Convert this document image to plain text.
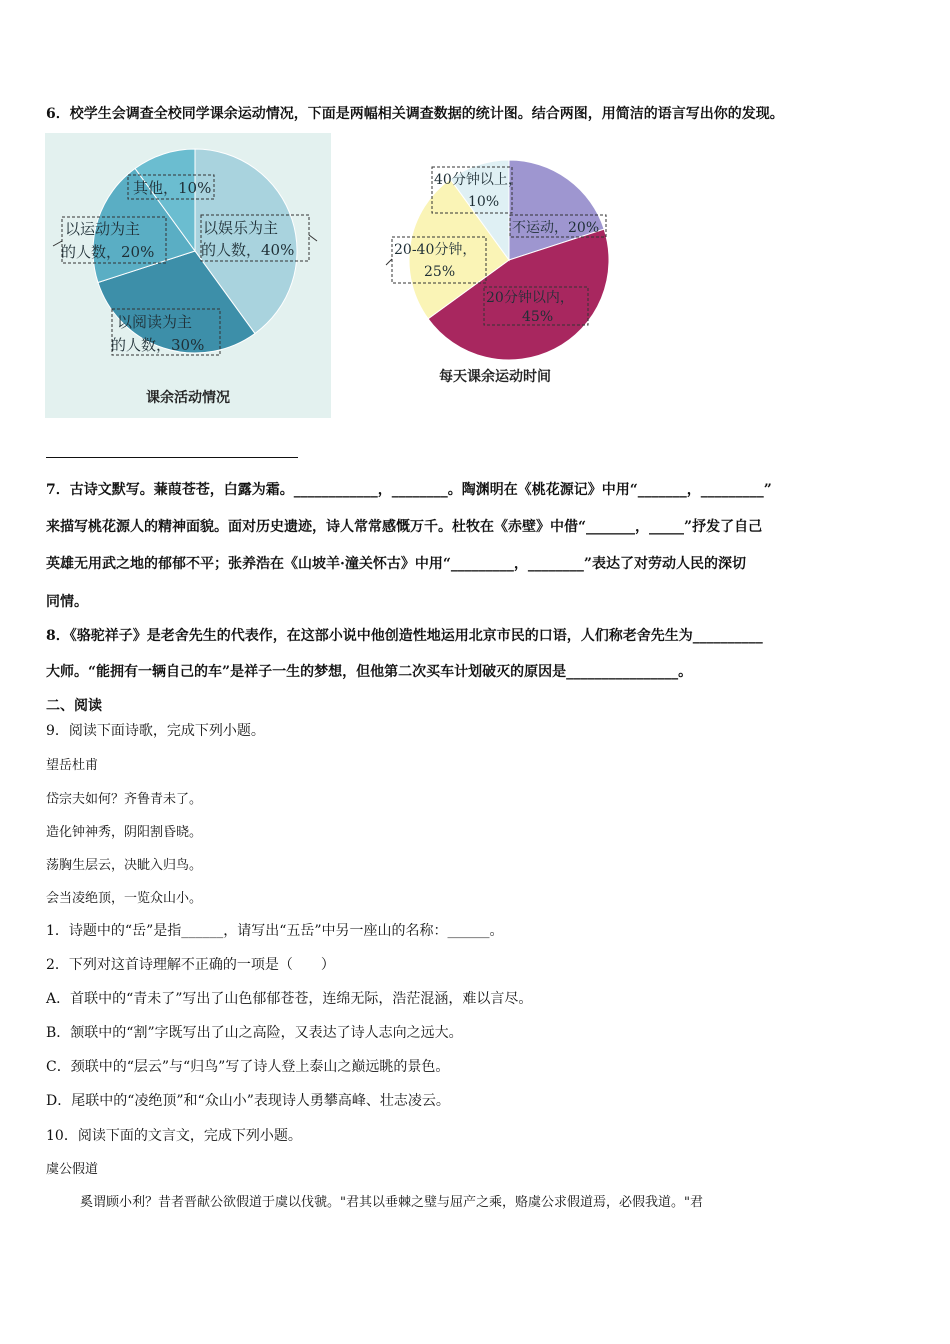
6．校学生会调查全校同学课余运动情况，下面是两幅相关调查数据的统计图。结合两图，用简洁的语言写出你的发现。
其他，10%
以运动为主
的人数，20%
以娱乐为主
的人数，40%
以阅读为主
的人数，30%
课余活动情况
40分钟以上，
10%
不运动，20%
20-40分钟，
25%
20分钟以内，
45%
每天课余运动时间
7．古诗文默写。蒹葭苍苍，白露为霜。____________，________。陶渊明在《桃花源记》中用“_______，_________”
来描写桃花源人的精神面貌。面对历史遗迹，诗人常常感慨万千。杜牧在《赤壁》中借“_______，_____”抒发了自己
英雄无用武之地的郁郁不平；张养浩在《山坡羊·潼关怀古》中用“_________，________”表达了对劳动人民的深切
同情。
8．《骆驼祥子》是老舍先生的代表作，在这部小说中他创造性地运用北京市民的口语，人们称老舍先生为__________
大师。“能拥有一辆自己的车”是祥子一生的梦想，但他第二次买车计划破灭的原因是________________。
二、阅读
9．阅读下面诗歌，完成下列小题。
望岳杜甫
岱宗夫如何？齐鲁青未了。
造化钟神秀，阴阳割昏晓。
荡胸生层云，决眦入归鸟。
会当凌绝顶，一览众山小。
1．诗题中的“岳”是指______，请写出“五岳”中另一座山的名称：______。
2．下列对这首诗理解不正确的一项是（　　）
A．首联中的“青未了”写出了山色郁郁苍苍，连绵无际，浩茫混涵，难以言尽。
B．颔联中的“割”字既写出了山之高险，又表达了诗人志向之远大。
C．颈联中的“层云”与“归鸟”写了诗人登上泰山之巅远眺的景色。
D．尾联中的“凌绝顶”和“众山小”表现诗人勇攀高峰、壮志凌云。
10．阅读下面的文言文，完成下列小题。
虞公假道
奚谓顾小利？昔者晋献公欲假道于虞以伐虢。"君其以垂棘之璧与屈产之乘，赂虞公求假道焉，必假我道。"君
